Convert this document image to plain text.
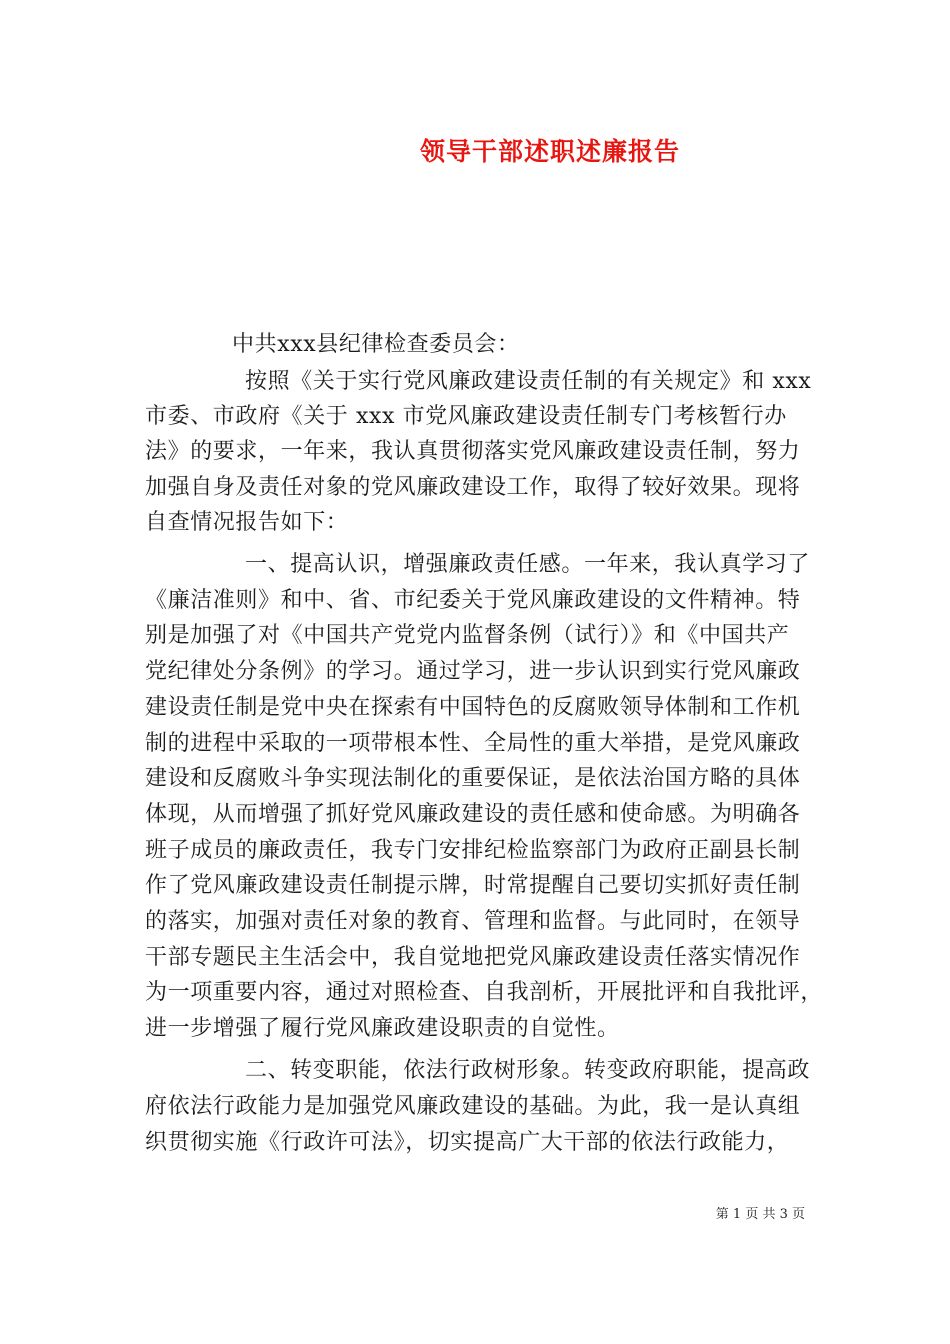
领导干部述职述廉报告
中共xxx县纪律检查委员会：
按照《关于实行党风廉政建设责任制的有关规定》和 xxx
市委、市政府《关于 xxx 市党风廉政建设责任制专门考核暂行办
法》的要求，一年来，我认真贯彻落实党风廉政建设责任制，努力
加强自身及责任对象的党风廉政建设工作，取得了较好效果。现将
自查情况报告如下：
一、提高认识，增强廉政责任感。一年来，我认真学习了
《廉洁准则》和中、省、市纪委关于党风廉政建设的文件精神。特
别是加强了对《中国共产党党内监督条例（试行）》和《中国共产
党纪律处分条例》的学习。通过学习，进一步认识到实行党风廉政
建设责任制是党中央在探索有中国特色的反腐败领导体制和工作机
制的进程中采取的一项带根本性、全局性的重大举措，是党风廉政
建设和反腐败斗争实现法制化的重要保证，是依法治国方略的具体
体现，从而增强了抓好党风廉政建设的责任感和使命感。为明确各
班子成员的廉政责任，我专门安排纪检监察部门为政府正副县长制
作了党风廉政建设责任制提示牌，时常提醒自己要切实抓好责任制
的落实，加强对责任对象的教育、管理和监督。与此同时，在领导
干部专题民主生活会中，我自觉地把党风廉政建设责任落实情况作
为一项重要内容，通过对照检查、自我剖析，开展批评和自我批评，
进一步增强了履行党风廉政建设职责的自觉性。
二、转变职能，依法行政树形象。转变政府职能，提高政
府依法行政能力是加强党风廉政建设的基础。为此，我一是认真组
织贯彻实施《行政许可法》，切实提高广大干部的依法行政能力，
第 1 页 共 3 页
